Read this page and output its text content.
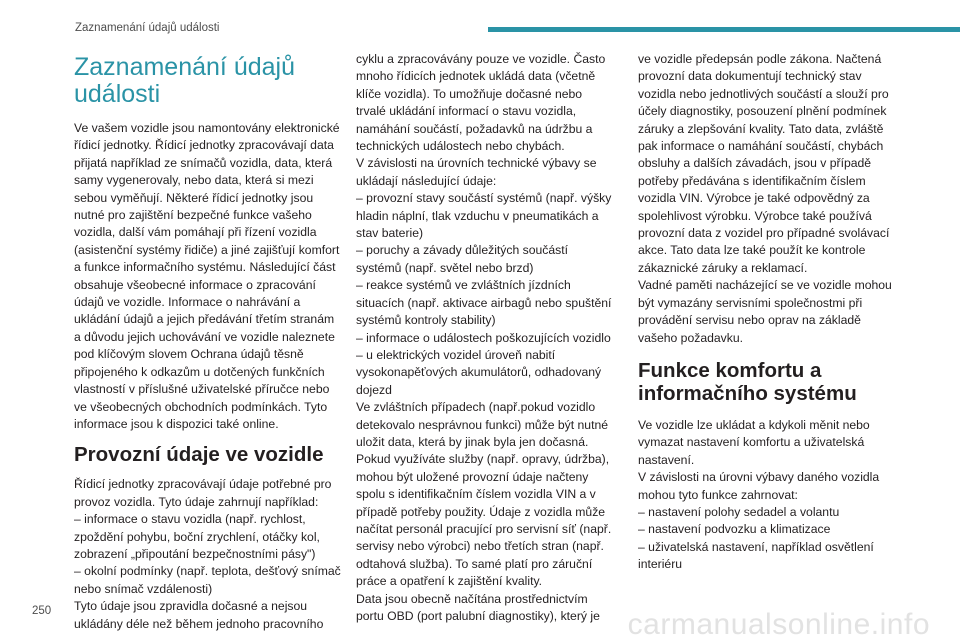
Zaznamenání údajů události
Zaznamenání údajů události

Ve vašem vozidle jsou namontovány elektronické řídicí jednotky. Řídicí jednotky zpracovávají data přijatá například ze snímačů vozidla, data, která samy vygenerovaly, nebo data, která si mezi sebou vyměňují. Některé řídicí jednotky jsou nutné pro zajištění bezpečné funkce vašeho vozidla, další vám pomáhají při řízení vozidla (asistenční systémy řidiče) a jiné zajišťují komfort a funkce informačního systému. Následující část obsahuje všeobecné informace o zpracování údajů ve vozidle. Informace o nahrávání a ukládání údajů a jejich předávání třetím stranám a důvodu jejich uchovávání ve vozidle naleznete pod klíčovým slovem Ochrana údajů těsně připojeného k odkazům u dotčených funkčních vlastností v příslušné uživatelské příručce nebo ve všeobecných obchodních podmínkách. Tyto informace jsou k dispozici také online.

Provozní údaje ve vozidle

Řídicí jednotky zpracovávají údaje potřebné pro provoz vozidla. Tyto údaje zahrnují například:
– informace o stavu vozidla (např. rychlost, zpoždění pohybu, boční zrychlení, otáčky kol, zobrazení „připoutání bezpečnostními pásy")
– okolní podmínky (např. teplota, dešťový snímač nebo snímač vzdálenosti)
Tyto údaje jsou zpravidla dočasné a nejsou ukládány déle než během jednoho pracovního

cyklu a zpracovávány pouze ve vozidle. Často mnoho řídicích jednotek ukládá data (včetně klíče vozidla). To umožňuje dočasné nebo trvalé ukládání informací o stavu vozidla, namáhání součástí, požadavků na údržbu a technických událostech nebo chybách.
V závislosti na úrovních technické výbavy se ukládají následující údaje:
– provozní stavy součástí systémů (např. výšky hladin náplní, tlak vzduchu v pneumatikách a stav baterie)
– poruchy a závady důležitých součástí systémů (např. světel nebo brzd)
– reakce systémů ve zvláštních jízdních situacích (např. aktivace airbagů nebo spuštění systémů kontroly stability)
– informace o událostech poškozujících vozidlo
– u elektrických vozidel úroveň nabití vysokonapěťových akumulátorů, odhadovaný dojezd
Ve zvláštních případech (např.pokud vozidlo detekovalo nesprávnou funkci) může být nutné uložit data, která by jinak byla jen dočasná.
Pokud využíváte služby (např. opravy, údržba), mohou být uložené provozní údaje načteny spolu s identifikačním číslem vozidla VIN a v případě potřeby použity. Údaje z vozidla může načítat personál pracující pro servisní síť (např. servisy nebo výrobci) nebo třetích stran (např. odtahová služba). To samé platí pro záruční práce a opatření k zajištění kvality.
Data jsou obecně načítána prostřednictvím portu OBD (port palubní diagnostiky), který je

ve vozidle předepsán podle zákona. Načtená provozní data dokumentují technický stav vozidla nebo jednotlivých součástí a slouží pro účely diagnostiky, posouzení plnění podmínek záruky a zlepšování kvality. Tato data, zvláště pak informace o namáhání součástí, chybách obsluhy a dalších závadách, jsou v případě potřeby předávána s identifikačním číslem vozidla VIN. Výrobce je také odpovědný za spolehlivost výrobku. Výrobce také používá provozní data z vozidel pro případné svolávací akce. Tato data lze také použít ke kontrole zákaznické záruky a reklamací.
Vadné paměti nacházející se ve vozidle mohou být vymazány servisními společnostmi při provádění servisu nebo oprav na základě vašeho požadavku.

Funkce komfortu a informačního systému

Ve vozidle lze ukládat a kdykoli měnit nebo vymazat nastavení komfortu a uživatelská nastavení.
V závislosti na úrovni výbavy daného vozidla mohou tyto funkce zahrnovat:
– nastavení polohy sedadel a volantu
– nastavení podvozku a klimatizace
– uživatelská nastavení, například osvětlení interiéru

250	carmanualsonline.info
